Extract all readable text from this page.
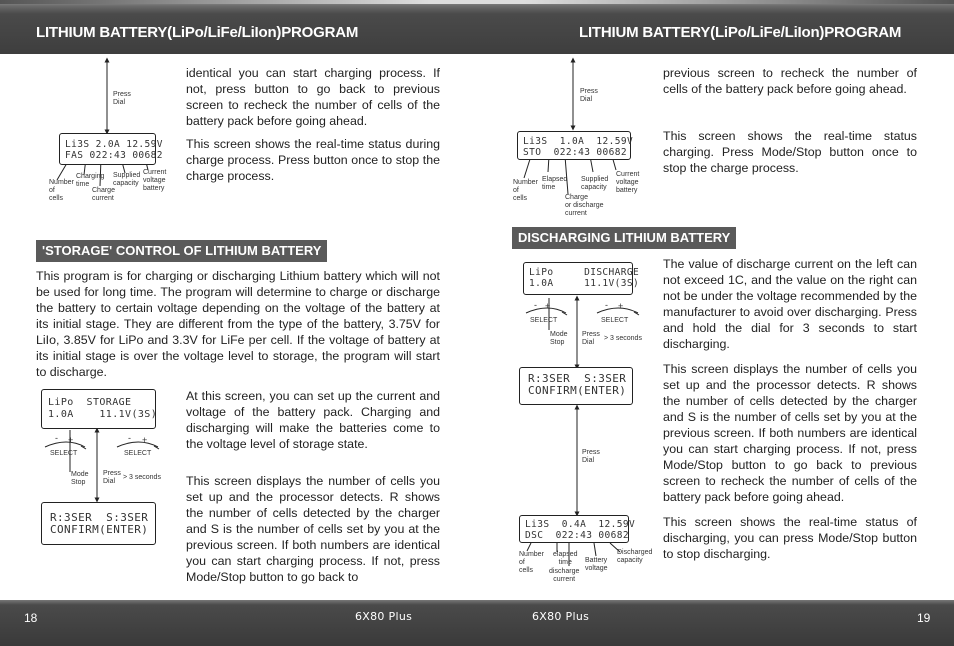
LITHIUM BATTERY(LiPo/LiFe/LiIon)PROGRAM	LITHIUM BATTERY(LiPo/LiFe/LiIon)PROGRAM
Press
Dial
Li3S 2.0A 12.59V
FAS 022:43 00682
Number
of
cells
Charging
time
Charge
current
Supplied
capacity
Current
voltage
battery
identical you can start charging process. If not, press button to go back to previous screen to recheck the number of cells of the battery pack before going ahead.
This screen shows the real-time status during charge process. Press button once to stop the charge process.
'STORAGE' CONTROL OF LITHIUM BATTERY
This program is for charging or discharging Lithium battery which will not be used for long time. The program will determine to charge or discharge the battery to certain voltage depending on the voltage of the battery at its initial stage. They are different from the type of the battery, 3.75V for LiIo, 3.85V for LiPo and 3.3V for LiFe per cell. If the voltage of battery at its initial stage is over the voltage level to storage, the program will start to discharge.
LiPo  STORAGE
1.0A    11.1V(3S)
- +	- +
SELECT	SELECT
Mode
Stop
Press
Dial
> 3 seconds
R:3SER  S:3SER
CONFIRM(ENTER)
At this screen, you can set up the current and voltage of the battery pack. Charging and discharging will make the batteries come to the voltage level of storage state.
This screen displays the number of cells you set up and the processor detects. R shows the number of cells detected by the charger and S is the number of cells set by you at the previous screen. If both numbers are identical you can start charging process. If not, press Mode/Stop button to go back to
Press
Dial
Li3S  1.0A  12.59V
STO  022:43 00682
Number
of
cells
Elapsed
time
Charge
or discharge
current
Supplied
capacity
Current
voltage
battery
previous screen to recheck the number of cells of the battery pack before going ahead.
This screen shows the real-time status charging. Press Mode/Stop button once to stop the charge process.
DISCHARGING LITHIUM BATTERY
LiPo     DISCHARGE
1.0A     11.1V(3S)
- +	- +
SELECT	SELECT
Mode
Stop
Press
Dial
> 3 seconds
R:3SER  S:3SER
CONFIRM(ENTER)
Press
Dial
Li3S  0.4A  12.59V
DSC  022:43 00682
Number
of
cells
elapsed
time
discharge
current
Battery
voltage
Discharged
capacity
The value of discharge current on the left can not exceed 1C, and the value on the right can not be under the voltage recommended by the manufacturer to avoid over discharging. Press and hold the dial for 3 seconds to start discharging.
This screen displays the number of cells you set up and the processor detects. R shows the number of cells detected by the charger and S is the number of cells set by you at the previous screen. If both numbers are identical you can start charging process. If not, press Mode/Stop button to go back to previous screen to recheck the number of cells of the battery pack before going ahead.
This screen shows the real-time status of discharging, you can press Mode/Stop button to stop discharging.
18	6X80 Plus	6X80 Plus	19
